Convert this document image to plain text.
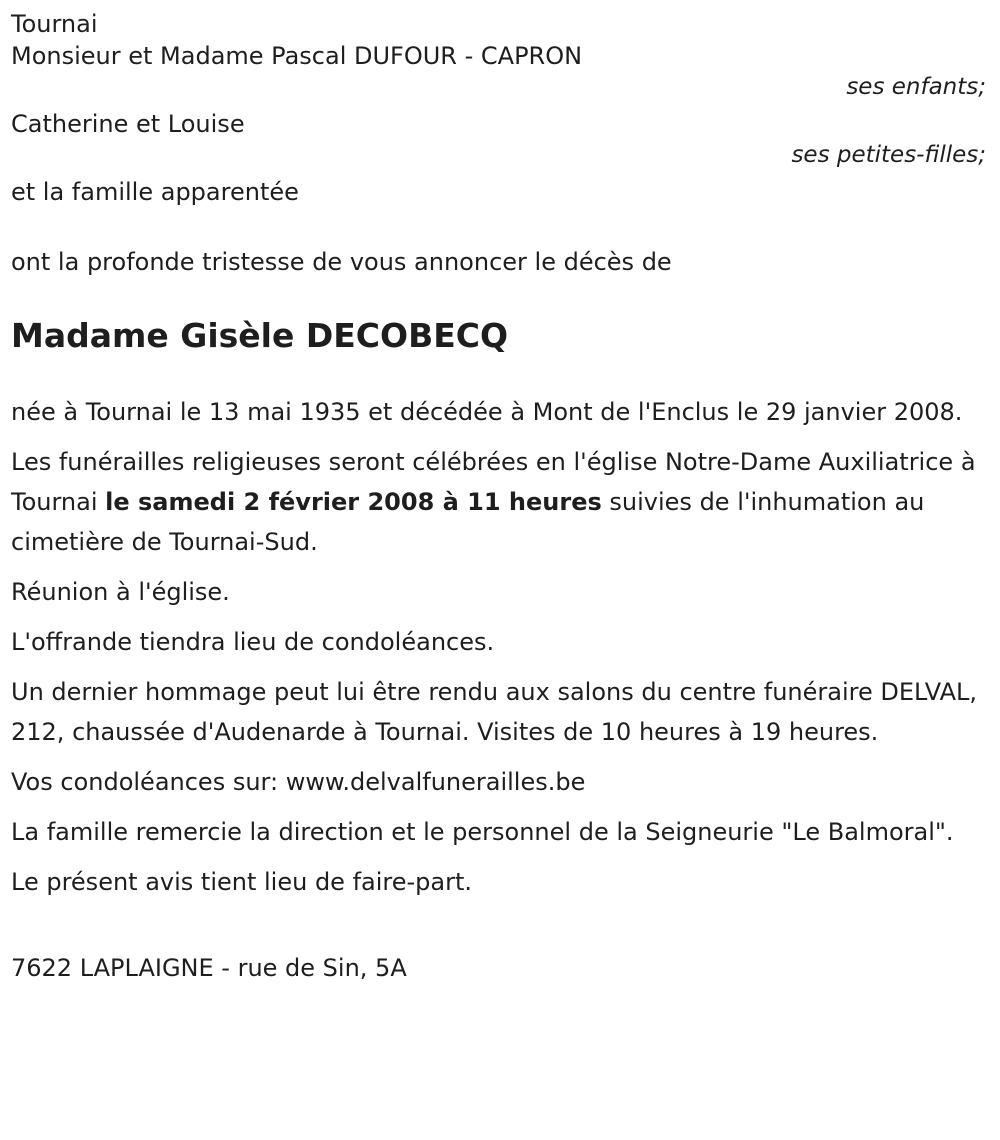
Tournai
Monsieur et Madame Pascal DUFOUR - CAPRON
ses enfants;
Catherine et Louise
ses petites-filles;
et la famille apparentée
ont la profonde tristesse de vous annoncer le décès de
Madame Gisèle DECOBECQ

née à Tournai le 13 mai 1935 et décédée à Mont de l'Enclus le 29 janvier 2008.

Les funérailles religieuses seront célébrées en l'église Notre-Dame Auxiliatrice à Tournai le samedi 2 février 2008 à 11 heures suivies de l'inhumation au cimetière de Tournai-Sud.

Réunion à l'église.

L'offrande tiendra lieu de condoléances.

Un dernier hommage peut lui être rendu aux salons du centre funéraire DELVAL, 212, chaussée d'Audenarde à Tournai. Visites de 10 heures à 19 heures.

Vos condoléances sur: www.delvalfunerailles.be

La famille remercie la direction et le personnel de la Seigneurie "Le Balmoral".

Le présent avis tient lieu de faire-part.

7622 LAPLAIGNE - rue de Sin, 5A
